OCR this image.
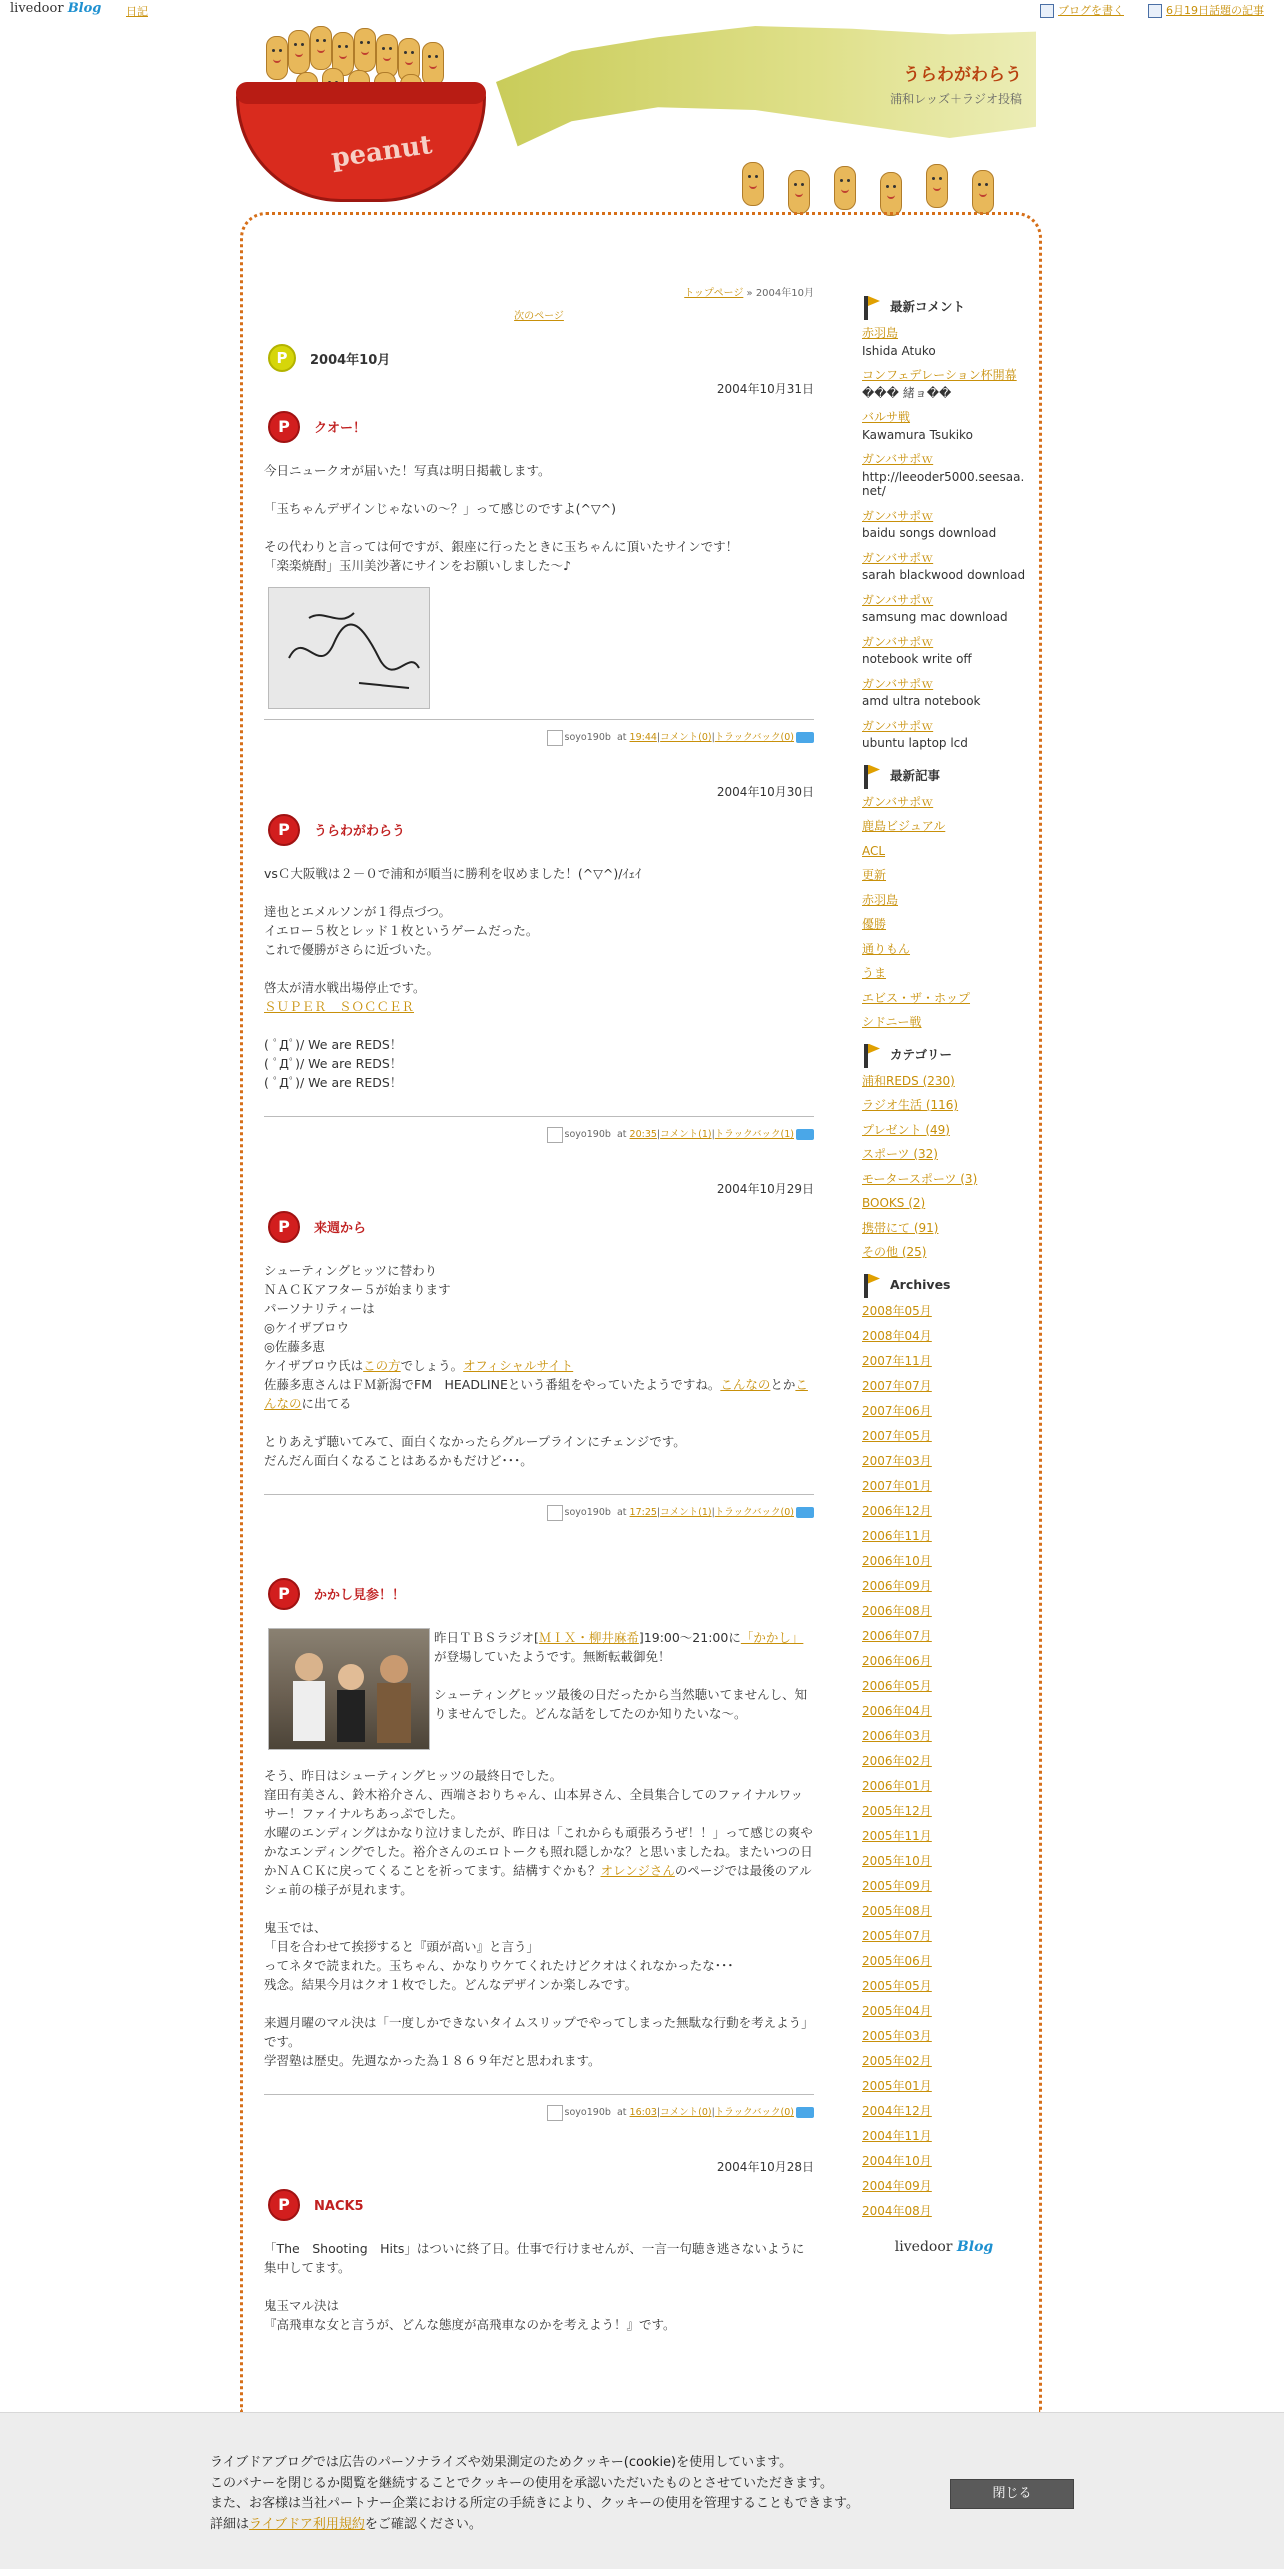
livedoor Blog 日記	ブログを書く	6月19日話題の記事
peanut
うらわがわらう
浦和レッズ＋ラジオ投稿
トップページ » 2004年10月
次のページ
P	2004年10月
2004年10月31日
P	クオー！
今日ニュークオが届いた！写真は明日掲載します。

「玉ちゃんデザインじゃないの～？」って感じのですよ(^▽^)

その代わりと言っては何ですが、銀座に行ったときに玉ちゃんに頂いたサインです！
「楽楽焼酎」玉川美沙著にサインをお願いしました～♪
soyo190b at 19:44|コメント(0)|トラックバック(0)
2004年10月30日
P	うらわがわらう
vsＣ大阪戦は２－０で浦和が順当に勝利を収めました！(^▽^)/ｲｪｲ

達也とエメルソンが１得点づつ。
イエロー５枚とレッド１枚というゲームだった。
これで優勝がさらに近づいた。

啓太が清水戦出場停止です。
ＳＵＰＥＲ　ＳＯＣＣＥＲ

( ﾟДﾟ)/ We are REDS！
( ﾟДﾟ)/ We are REDS！
( ﾟДﾟ)/ We are REDS！
soyo190b at 20:35|コメント(1)|トラックバック(1)
2004年10月29日
P	来週から
シューティングヒッツに替わり
ＮＡＣＫアフター５が始まります
パーソナリティーは
◎ケイザブロウ
◎佐藤多恵
ケイザブロウ氏はこの方でしょう。オフィシャルサイト
佐藤多恵さんはＦＭ新潟でFM　HEADLINEという番組をやっていたようですね。こんなのとかこんなのに出てる

とりあえず聴いてみて、面白くなかったらグループラインにチェンジです。
だんだん面白くなることはあるかもだけど･･･。
soyo190b at 17:25|コメント(1)|トラックバック(0)
P	かかし見参！！
昨日ＴＢＳラジオ[ＭＩＸ・柳井麻希]19:00～21:00に「かかし」が登場していたようです。無断転載御免！

シューティングヒッツ最後の日だったから当然聴いてませんし、知りませんでした。どんな話をしてたのか知りたいな～。
そう、昨日はシューティングヒッツの最終日でした。
窪田有美さん、鈴木裕介さん、西端さおりちゃん、山本昇さん、全員集合してのファイナルワッサー！ファイナルちあっぷでした。
水曜のエンディングはかなり泣けましたが、昨日は「これからも頑張ろうぜ！！」って感じの爽やかなエンディングでした。裕介さんのエロトークも照れ隠しかな？と思いましたね。またいつの日かＮＡＣＫに戻ってくることを祈ってます。結構すぐかも？オレンジさんのページでは最後のアルシェ前の様子が見れます。

鬼玉では、
「目を合わせて挨拶すると『頭が高い』と言う」
ってネタで読まれた。玉ちゃん、かなりウケてくれたけどクオはくれなかったな･･･
残念。結果今月はクオ１枚でした。どんなデザインか楽しみです。

来週月曜のマル決は「一度しかできないタイムスリップでやってしまった無駄な行動を考えよう」です。
学習塾は歴史。先週なかった為１８６９年だと思われます。
soyo190b at 16:03|コメント(0)|トラックバック(0)
2004年10月28日
P	NACK5
「The　Shooting　Hits」はついに終了日。仕事で行けませんが、一言一句聴き逃さないように集中してます。

鬼玉マル決は
『高飛車な女と言うが、どんな態度が高飛車なのかを考えよう！』です。
最新コメント
赤羽島
Ishida Atuko
コンフェデレーション杯開幕
��� 緒ョ��
バルサ戦
Kawamura Tsukiko
ガンバサポｗ
http://leeoder5000.seesaa.net/
ガンバサポｗ
baidu songs download
ガンバサポｗ
sarah blackwood download
ガンバサポｗ
samsung mac download
ガンバサポｗ
notebook write off
ガンバサポｗ
amd ultra notebook
ガンバサポｗ
ubuntu laptop lcd
最新記事
ガンバサポｗ
鹿島ビジュアル
ACL
更新
赤羽島
優勝
通りもん
うま
エビス・ザ・ホップ
シドニー戦
カテゴリー
浦和REDS (230)
ラジオ生活 (116)
プレゼント (49)
スポーツ (32)
モータースポーツ (3)
BOOKS (2)
携帯にて (91)
その他 (25)
Archives
2008年05月
2008年04月
2007年11月
2007年07月
2007年06月
2007年05月
2007年03月
2007年01月
2006年12月
2006年11月
2006年10月
2006年09月
2006年08月
2006年07月
2006年06月
2006年05月
2006年04月
2006年03月
2006年02月
2006年01月
2005年12月
2005年11月
2005年10月
2005年09月
2005年08月
2005年07月
2005年06月
2005年05月
2005年04月
2005年03月
2005年02月
2005年01月
2004年12月
2004年11月
2004年10月
2004年09月
2004年08月
livedoor Blog
ライブドアブログでは広告のパーソナライズや効果測定のためクッキー(cookie)を使用しています。
このバナーを閉じるか閲覧を継続することでクッキーの使用を承認いただいたものとさせていただきます。
また、お客様は当社パートナー企業における所定の手続きにより、クッキーの使用を管理することもできます。
詳細はライブドア利用規約をご確認ください。
閉じる
